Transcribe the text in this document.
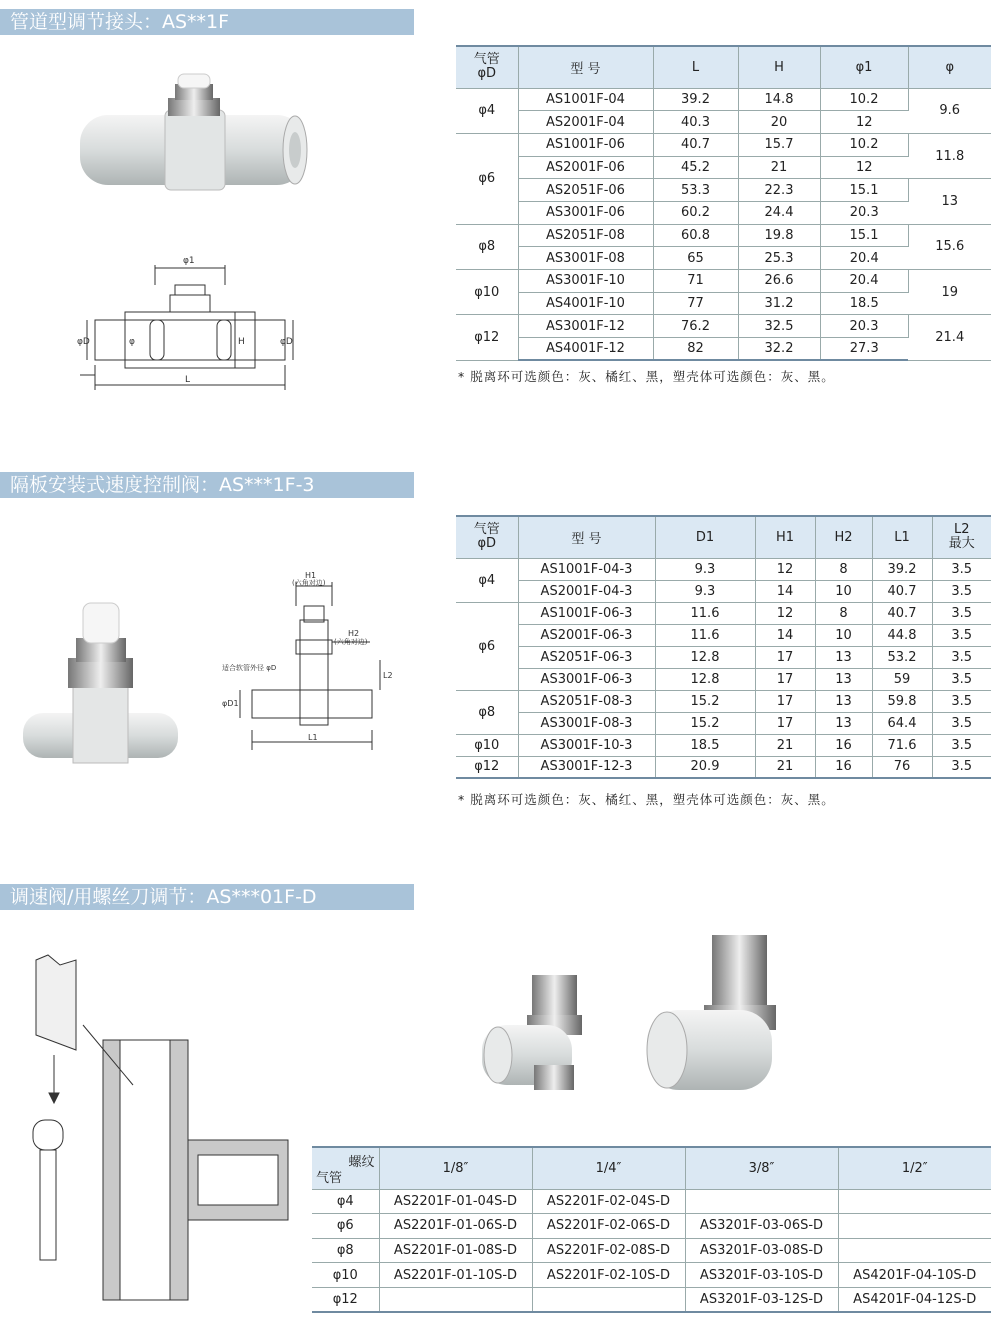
管道型调节接头：AS**1F
φ1
φD	φ	H	φD
L
气管
φD	型 号	L	H	φ1	φ
φ4	AS1001F-04	39.2	14.8	10.2	9.6
	AS2001F-04	40.3	20	12	
φ6	AS1001F-06	40.7	15.7	10.2	11.8
	AS2001F-06	45.2	21	12	
	AS2051F-06	53.3	22.3	15.1	13
	AS3001F-06	60.2	24.4	20.3	
φ8	AS2051F-08	60.8	19.8	15.1	15.6
	AS3001F-08	65	25.3	20.4	
φ10	AS3001F-10	71	26.6	20.4	19
	AS4001F-10	77	31.2	18.5	
φ12	AS3001F-12	76.2	32.5	20.3	21.4
	AS4001F-12	82	32.2	27.3	
* 脱离环可选颜色：灰、橘红、黑，塑壳体可选颜色：灰、黑。
隔板安装式速度控制阀：AS***1F-3
H1
(六角对边)
H2
(六角对边)
适合软管外径 φD
φD1
L1
L2
气管
φD	型 号	D1	H1	H2	L1	L2
最大
φ4	AS1001F-04-3	9.3	12	8	39.2	3.5
	AS2001F-04-3	9.3	14	10	40.7	3.5
φ6	AS1001F-06-3	11.6	12	8	40.7	3.5
	AS2001F-06-3	11.6	14	10	44.8	3.5
	AS2051F-06-3	12.8	17	13	53.2	3.5
	AS3001F-06-3	12.8	17	13	59	3.5
φ8	AS2051F-08-3	15.2	17	13	59.8	3.5
	AS3001F-08-3	15.2	17	13	64.4	3.5
φ10	AS3001F-10-3	18.5	21	16	71.6	3.5
φ12	AS3001F-12-3	20.9	21	16	76	3.5
* 脱离环可选颜色：灰、橘红、黑，塑壳体可选颜色：灰、黑。
调速阀/用螺丝刀调节：AS***01F-D
螺纹
气管	1/8″	1/4″	3/8″	1/2″
φ4	AS2201F-01-04S-D	AS2201F-02-04S-D		
φ6	AS2201F-01-06S-D	AS2201F-02-06S-D	AS3201F-03-06S-D	
φ8	AS2201F-01-08S-D	AS2201F-02-08S-D	AS3201F-03-08S-D	
φ10	AS2201F-01-10S-D	AS2201F-02-10S-D	AS3201F-03-10S-D	AS4201F-04-10S-D
φ12			AS3201F-03-12S-D	AS4201F-04-12S-D
